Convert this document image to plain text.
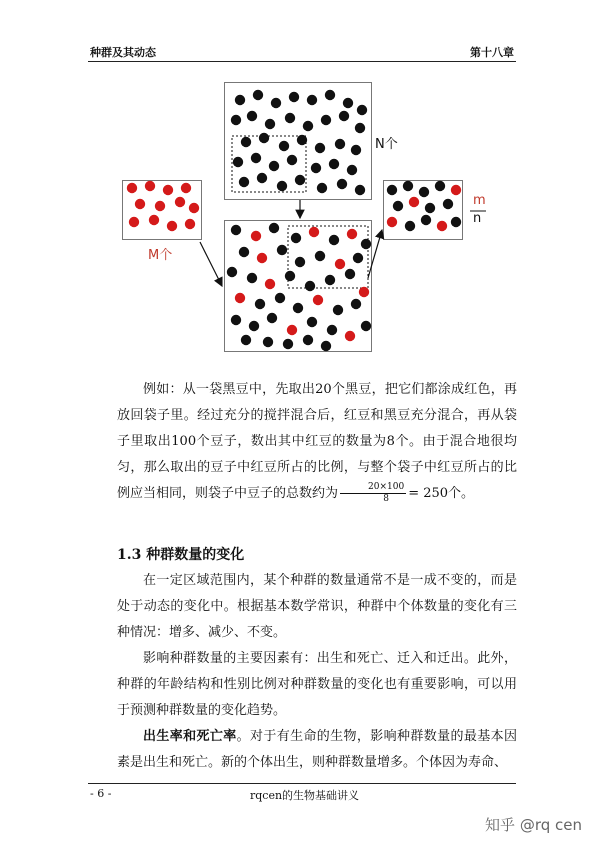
种群及其动态	第十八章
N个
M个
m
n

例如：从一袋黑豆中，先取出20个黑豆，把它们都涂成红色，再放回袋子里。经过充分的搅拌混合后，红豆和黑豆充分混合，再从袋子里取出100个豆子，数出其中红豆的数量为8个。由于混合地很均匀，那么取出的豆子中红豆所占的比例，与整个袋子中红豆所占的比例应当相同，则袋子中豆子的总数约为 $\frac{20\times 100}{8} = 250$个。

1.3 种群数量的变化

在一定区域范围内，某个种群的数量通常不是一成不变的，而是处于动态的变化中。根据基本数学常识，种群中个体数量的变化有三种情况：增多、减少、不变。

影响种群数量的主要因素有：出生和死亡、迁入和迁出。此外，种群的年龄结构和性别比例对种群数量的变化也有重要影响，可以用于预测种群数量的变化趋势。

出生率和死亡率。对于有生命的生物，影响种群数量的最基本因素是出生和死亡。新的个体出生，则种群数量增多。个体因为寿命、

- 6 -	rqcen的生物基础讲义
知乎 @rq cen
